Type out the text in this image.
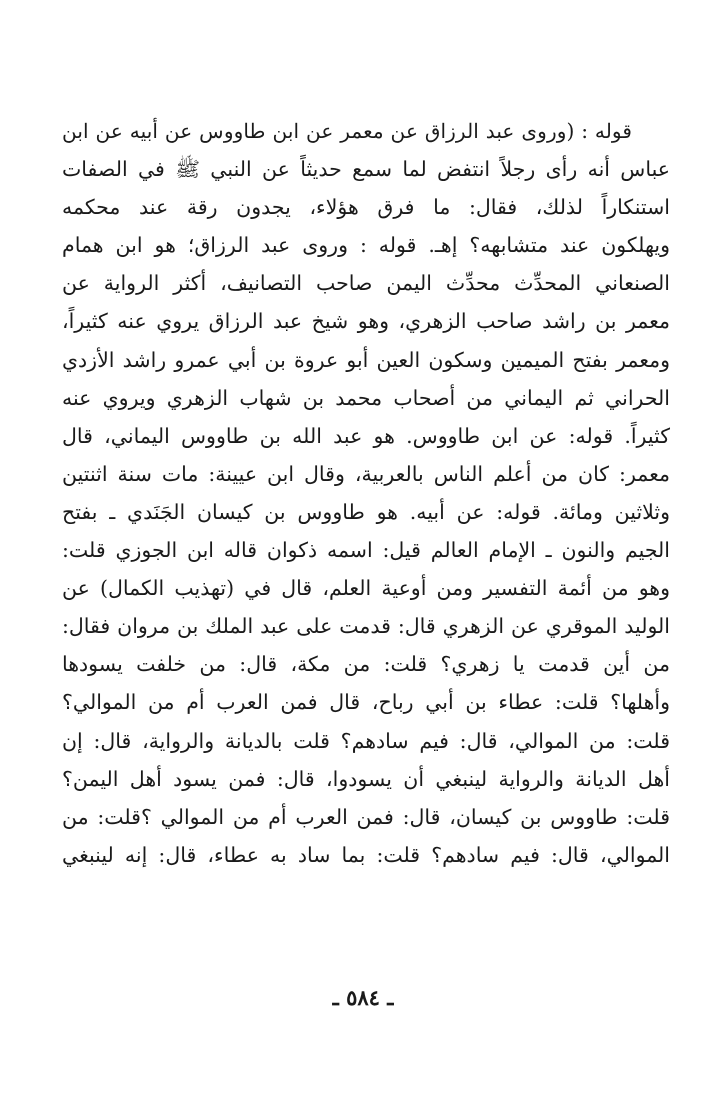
قوله : (وروى عبد الرزاق عن معمر عن ابن طاووس عن أبيه عن ابن
عباس أنه رأى رجلاً انتفض لما سمع حديثاً عن النبي ﷺ في الصفات
استنكاراً لذلك، فقال: ما فرق هؤلاء، يجدون رقة عند محكمه
ويهلكون عند متشابهه؟ إهـ. قوله : وروى عبد الرزاق؛ هو ابن همام
الصنعاني المحدِّث محدِّث اليمن صاحب التصانيف، أكثر الرواية عن
معمر بن راشد صاحب الزهري، وهو شيخ عبد الرزاق يروي عنه كثيراً،
ومعمر بفتح الميمين وسكون العين أبو عروة بن أبي عمرو راشد الأزدي
الحراني ثم اليماني من أصحاب محمد بن شهاب الزهري ويروي عنه
كثيراً. قوله: عن ابن طاووس. هو عبد الله بن طاووس اليماني، قال
معمر: كان من أعلم الناس بالعربية، وقال ابن عيينة: مات سنة اثنتين
وثلاثين ومائة. قوله: عن أبيه. هو طاووس بن كيسان الجَنَدي ـ بفتح
الجيم والنون ـ الإمام العالم قيل: اسمه ذكوان قاله ابن الجوزي قلت:
وهو من أئمة التفسير ومن أوعية العلم، قال في (تهذيب الكمال) عن
الوليد الموقري عن الزهري قال: قدمت على عبد الملك بن مروان فقال:
من أين قدمت يا زهري؟ قلت: من مكة، قال: من خلفت يسودها
وأهلها؟ قلت: عطاء بن أبي رباح، قال فمن العرب أم من الموالي؟
قلت: من الموالي، قال: فيم سادهم؟ قلت بالديانة والرواية، قال: إن
أهل الديانة والرواية لينبغي أن يسودوا، قال: فمن يسود أهل اليمن؟
قلت: طاووس بن كيسان، قال: فمن العرب أم من الموالي ؟قلت: من
الموالي، قال: فيم سادهم؟ قلت: بما ساد به عطاء، قال: إنه لينبغي
ـ ٥٨٤ ـ
